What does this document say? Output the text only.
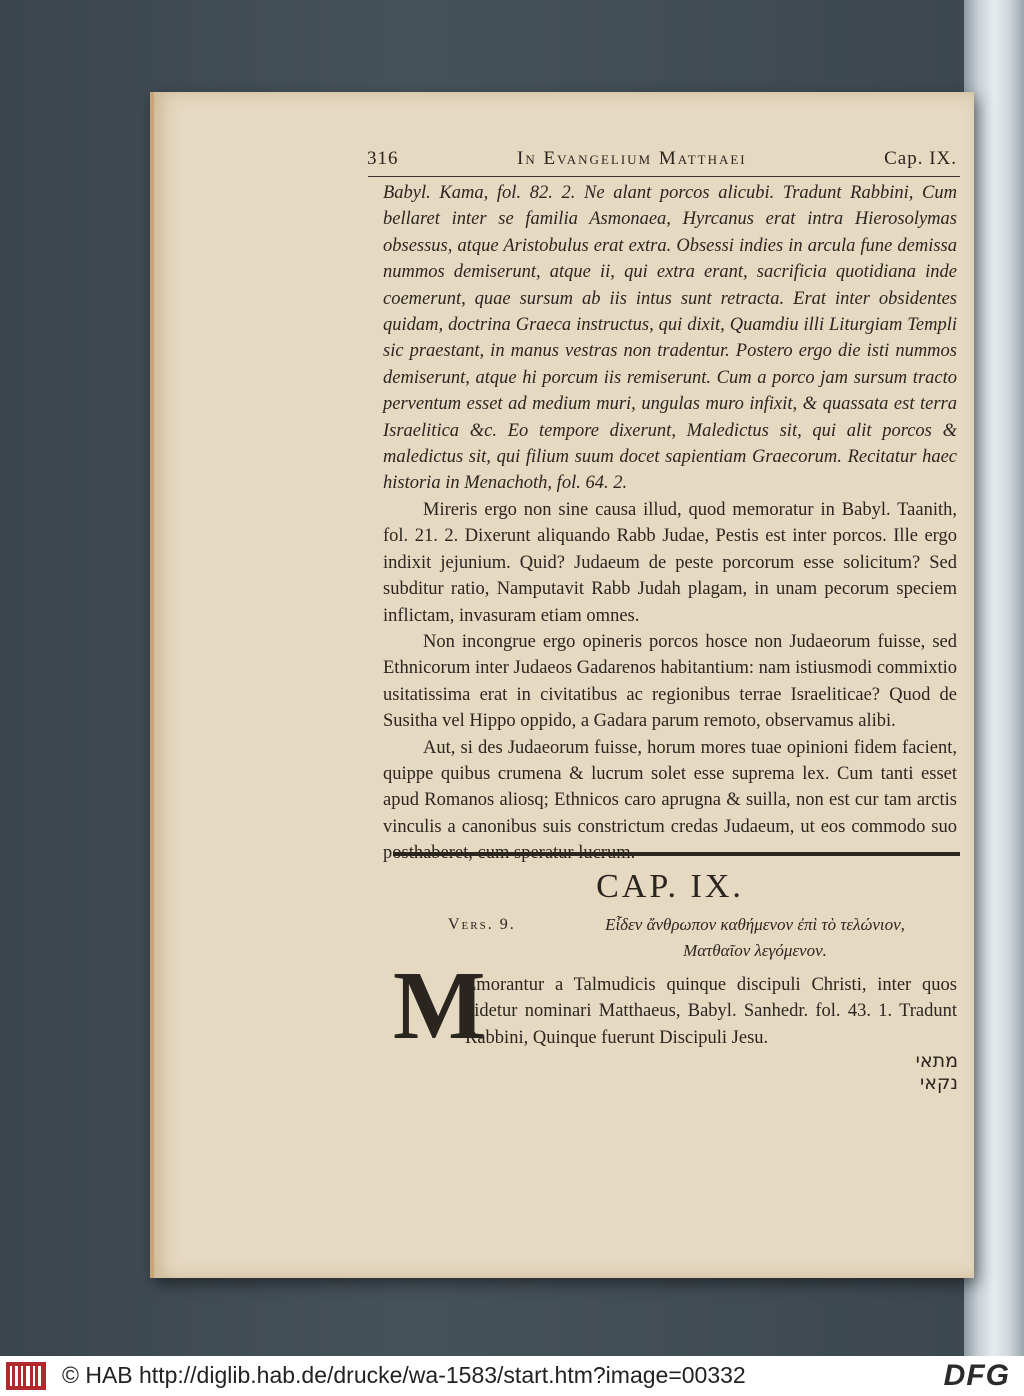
316	In Evangelium Matthaei	Cap. IX.

Babyl. Kama, fol. 82. 2. Ne alant porcos alicubi. Tradunt Rabbini, Cum bellaret inter se familia Asmonaea, Hyrcanus erat intra Hierosolymas obsessus, atque Aristobulus erat extra. Obsessi indies in arcula fune demissa nummos demiserunt, atque ii, qui extra erant, sacrificia quotidiana inde coemerunt, quae sursum ab iis intus sunt retracta. Erat inter obsidentes quidam, doctrina Graeca instructus, qui dixit, Quamdiu illi Liturgiam Templi sic praestant, in manus vestras non tradentur. Postero ergo die isti nummos demiserunt, atque hi porcum iis remiserunt. Cum a porco jam sursum tracto perventum esset ad medium muri, ungulas muro infixit, & quassata est terra Israelitica &c. Eo tempore dixerunt, Maledictus sit, qui alit porcos & maledictus sit, qui filium suum docet sapientiam Graecorum. Recitatur haec historia in Menachoth, fol. 64. 2.

Mireris ergo non sine causa illud, quod memoratur in Babyl. Taanith, fol. 21. 2. Dixerunt aliquando Rabb Judae, Pestis est inter porcos. Ille ergo indixit jejunium. Quid? Judaeum de peste porcorum esse solicitum? Sed subditur ratio, Namputavit Rabb Judah plagam, in unam pecorum speciem inflictam, invasuram etiam omnes.

Non incongrue ergo opineris porcos hosce non Judaeorum fuisse, sed Ethnicorum inter Judaeos Gadarenos habitantium: nam istiusmodi commixtio usitatissima erat in civitatibus ac regionibus terrae Israeliticae? Quod de Susitha vel Hippo oppido, a Gadara parum remoto, observamus alibi.

Aut, si des Judaeorum fuisse, horum mores tuae opinioni fidem facient, quippe quibus crumena & lucrum solet esse suprema lex. Cum tanti esset apud Romanos aliosq; Ethnicos caro aprugna & suilla, non est cur tam arctis vinculis a canonibus suis constrictum credas Judaeum, ut eos commodo suo posthaberet, cum speratur lucrum.

CAP. IX.
Vers. 9.	Εἶδεν ἄνθρωπον καθήμενον ἐπὶ τὸ τελώνιον,
Ματθαῖον λεγόμενον.
M

Emorantur a Talmudicis quinque discipuli Christi, inter quos videtur nominari Matthaeus, Babyl. Sanhedr. fol. 43. 1. Tradunt Rabbini, Quinque fuerunt Discipuli Jesu.

מתאי נקאי
© HAB http://diglib.hab.de/drucke/wa-1583/start.htm?image=00332	DFG
